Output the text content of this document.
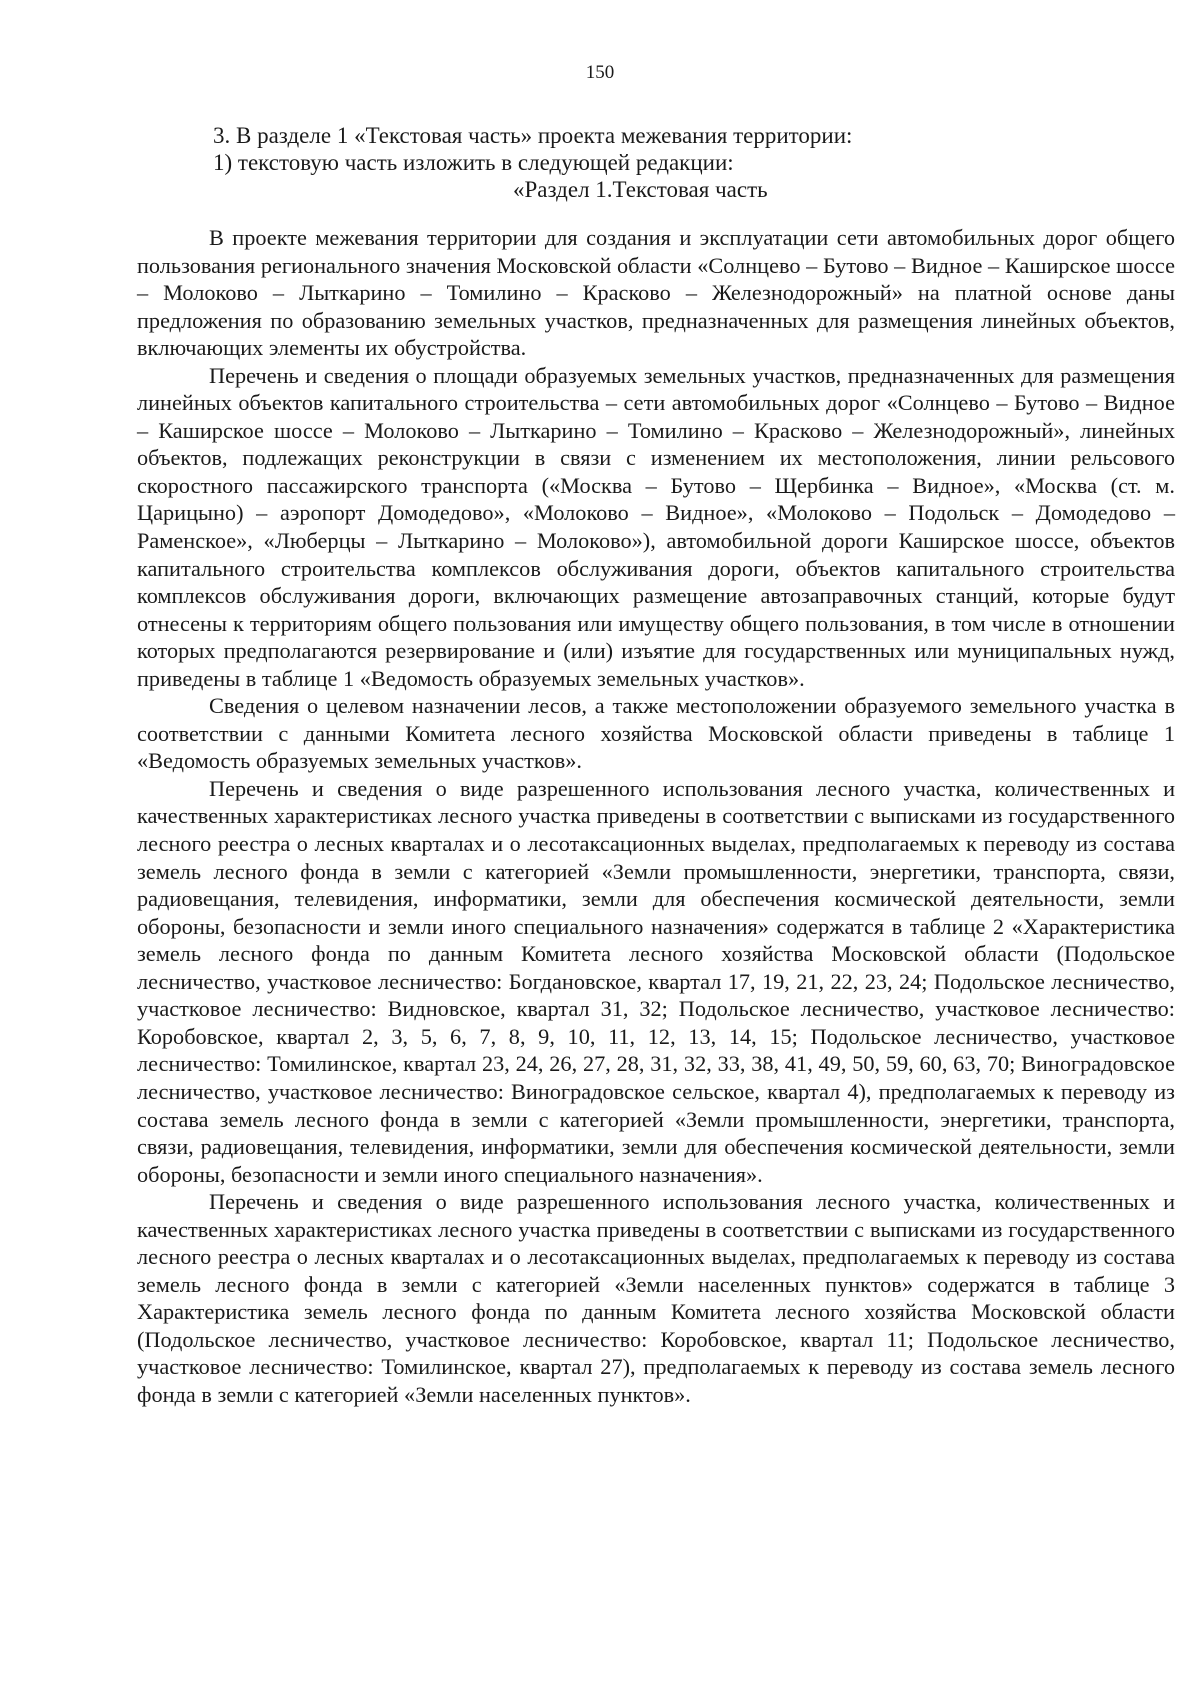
150

3. В разделе 1 «Текстовая часть» проекта межевания территории:

1) текстовую часть изложить в следующей редакции:

«Раздел 1.Текстовая часть

В проекте межевания территории для создания и эксплуатации сети автомобильных дорог общего пользования регионального значения Московской области «Солнцево – Бутово – Видное – Каширское шоссе – Молоково – Лыткарино – Томилино – Красково – Железнодорожный» на платной основе даны предложения по образованию земельных участков, предназначенных для размещения линейных объектов, включающих элементы их обустройства.

Перечень и сведения о площади образуемых земельных участков, предназначенных для размещения линейных объектов капитального строительства – сети автомобильных дорог «Солнцево – Бутово – Видное – Каширское шоссе – Молоково – Лыткарино – Томилино – Красково – Железнодорожный», линейных объектов, подлежащих реконструкции в связи с изменением их местоположения, линии рельсового скоростного пассажирского транспорта («Москва – Бутово – Щербинка – Видное», «Москва (ст. м. Царицыно) – аэропорт Домодедово», «Молоково – Видное», «Молоково – Подольск – Домодедово – Раменское», «Люберцы – Лыткарино – Молоково»), автомобильной дороги Каширское шоссе, объектов капитального строительства комплексов обслуживания дороги, объектов капитального строительства комплексов обслуживания дороги, включающих размещение автозаправочных станций, которые будут отнесены к территориям общего пользования или имуществу общего пользования, в том числе в отношении которых предполагаются резервирование и (или) изъятие для государственных или муниципальных нужд, приведены в таблице 1 «Ведомость образуемых земельных участков».

Сведения о целевом назначении лесов, а также местоположении образуемого земельного участка в соответствии с данными Комитета лесного хозяйства Московской области приведены в таблице 1 «Ведомость образуемых земельных участков».

Перечень и сведения о виде разрешенного использования лесного участка, количественных и качественных характеристиках лесного участка приведены в соответствии с выписками из государственного лесного реестра о лесных кварталах и о лесотаксационных выделах, предполагаемых к переводу из состава земель лесного фонда в земли с категорией «Земли промышленности, энергетики, транспорта, связи, радиовещания, телевидения, информатики, земли для обеспечения космической деятельности, земли обороны, безопасности и земли иного специального назначения» содержатся в таблице 2 «Характеристика земель лесного фонда по данным Комитета лесного хозяйства Московской области (Подольское лесничество, участковое лесничество: Богдановское, квартал 17, 19, 21, 22, 23, 24; Подольское лесничество, участковое лесничество: Видновское, квартал 31, 32; Подольское лесничество, участковое лесничество: Коробовское, квартал 2, 3, 5, 6, 7, 8, 9, 10, 11, 12, 13, 14, 15; Подольское лесничество, участковое лесничество: Томилинское, квартал 23, 24, 26, 27, 28, 31, 32, 33, 38, 41, 49, 50, 59, 60, 63, 70; Виноградовское лесничество, участковое лесничество: Виноградовское сельское, квартал 4), предполагаемых к переводу из состава земель лесного фонда в земли с категорией «Земли промышленности, энергетики, транспорта, связи, радиовещания, телевидения, информатики, земли для обеспечения космической деятельности, земли обороны, безопасности и земли иного специального назначения».

Перечень и сведения о виде разрешенного использования лесного участка, количественных и качественных характеристиках лесного участка приведены в соответствии с выписками из государственного лесного реестра о лесных кварталах и о лесотаксационных выделах, предполагаемых к переводу из состава земель лесного фонда в земли с категорией «Земли населенных пунктов» содержатся в таблице 3 Характеристика земель лесного фонда по данным Комитета лесного хозяйства Московской области (Подольское лесничество, участковое лесничество: Коробовское, квартал 11; Подольское лесничество, участковое лесничество: Томилинское, квартал 27), предполагаемых к переводу из состава земель лесного фонда в земли с категорией «Земли населенных пунктов».
